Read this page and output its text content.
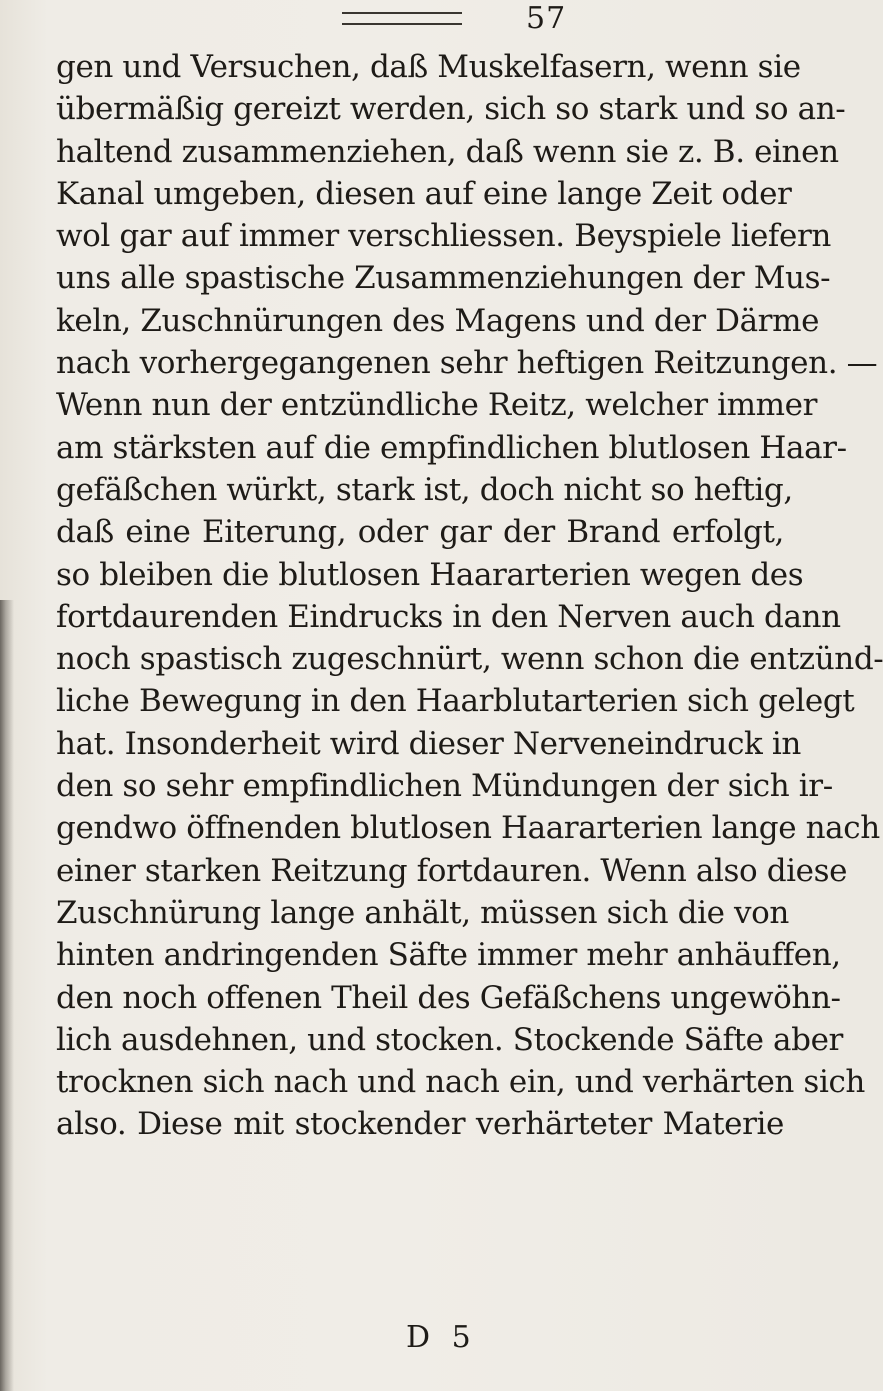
57
gen und Versuchen, daß Muskelfasern, wenn sie
übermäßig gereizt werden, sich so stark und so an-
haltend zusammenziehen, daß wenn sie z. B. einen
Kanal umgeben, diesen auf eine lange Zeit oder
wol gar auf immer verschliessen. Beyspiele liefern
uns alle spastische Zusammenziehungen der Mus-
keln, Zuschnürungen des Magens und der Därme
nach vorhergegangenen sehr heftigen Reitzungen. —
Wenn nun der entzündliche Reitz, welcher immer
am stärksten auf die empfindlichen blutlosen Haar-
gefäßchen würkt, stark ist, doch nicht so heftig,
daß eine Eiterung, oder gar der Brand erfolgt,
so bleiben die blutlosen Haararterien wegen des
fortdaurenden Eindrucks in den Nerven auch dann
noch spastisch zugeschnürt, wenn schon die entzünd-
liche Bewegung in den Haarblutarterien sich gelegt
hat. Insonderheit wird dieser Nerveneindruck in
den so sehr empfindlichen Mündungen der sich ir-
gendwo öffnenden blutlosen Haararterien lange nach
einer starken Reitzung fortdauren. Wenn also diese
Zuschnürung lange anhält, müssen sich die von
hinten andringenden Säfte immer mehr anhäuffen,
den noch offenen Theil des Gefäßchens ungewöhn-
lich ausdehnen, und stocken. Stockende Säfte aber
trocknen sich nach und nach ein, und verhärten sich
also. Diese mit stockender verhärteter Materie
D 5
